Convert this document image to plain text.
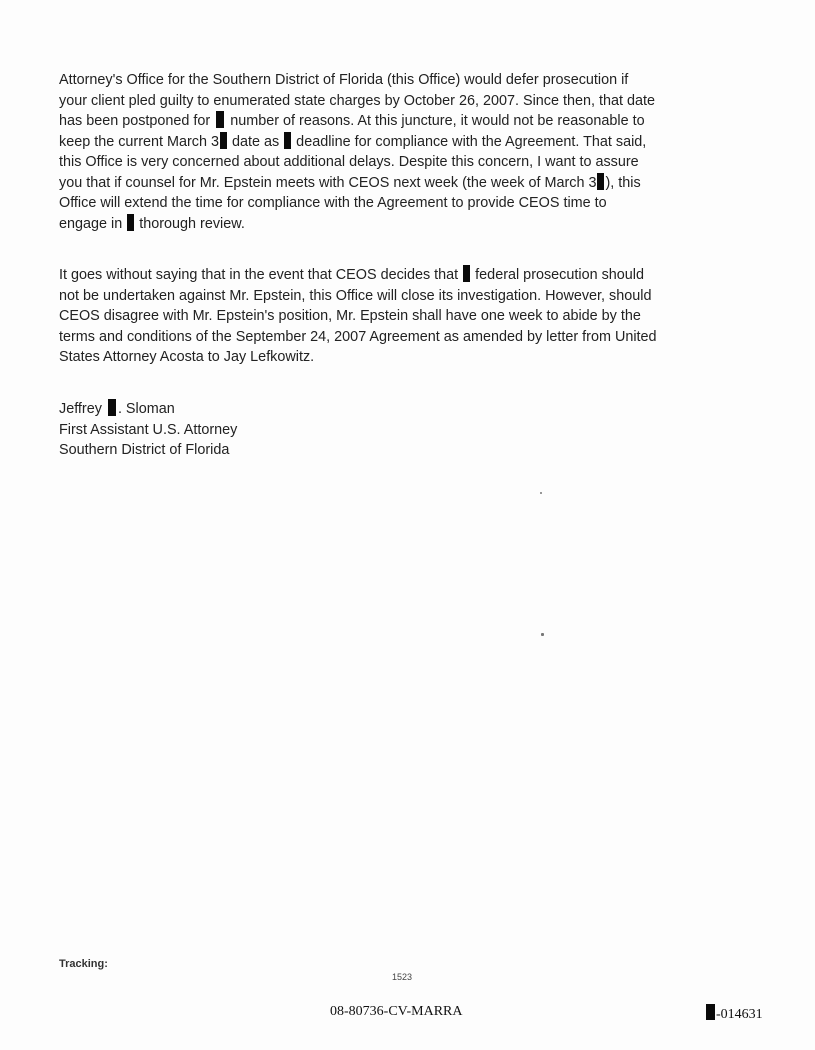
Attorney's Office for the Southern District of Florida (this Office) would defer prosecution if
your client pled guilty to enumerated state charges by October 26, 2007. Since then, that date
has been postponed for  number of reasons. At this juncture, it would not be reasonable to
keep the current March 3 date as  deadline for compliance with the Agreement. That said,
this Office is very concerned about additional delays. Despite this concern, I want to assure
you that if counsel for Mr. Epstein meets with CEOS next week (the week of March 3 ), this
Office will extend the time for compliance with the Agreement to provide CEOS time to
engage in  thorough review.
It goes without saying that in the event that CEOS decides that  federal prosecution should
not be undertaken against Mr. Epstein, this Office will close its investigation. However, should
CEOS disagree with Mr. Epstein's position, Mr. Epstein shall have one week to abide by the
terms and conditions of the September 24, 2007 Agreement as amended by letter from United
States Attorney Acosta to Jay Lefkowitz.
Jeffrey . Sloman
First Assistant U.S. Attorney
Southern District of Florida
Tracking:
1523
08-80736-CV-MARRA	-014631
